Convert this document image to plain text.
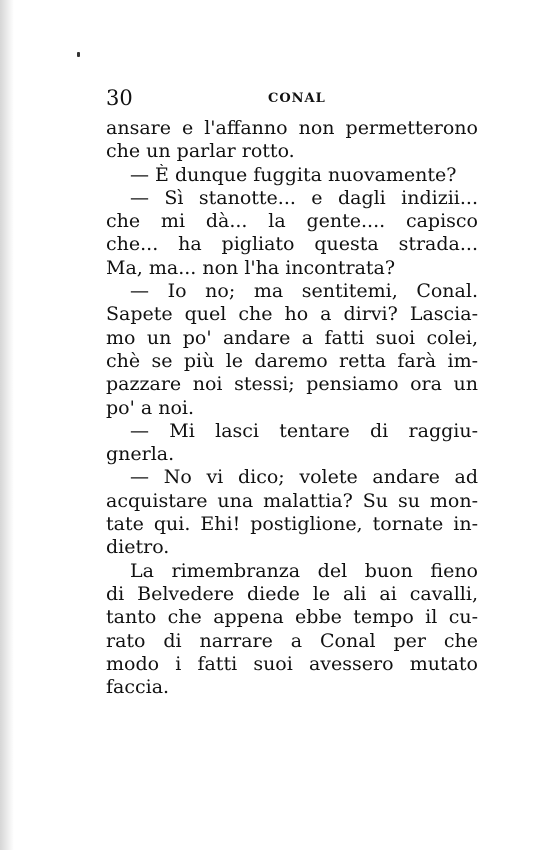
30	CONAL
ansare e l'affanno non permetterono
che un parlar rotto.
— È dunque fuggita nuovamente?
— Sì stanotte... e dagli indizii...
che mi dà... la gente.... capisco
che... ha pigliato questa strada...
Ma, ma... non l'ha incontrata?
— Io no; ma sentitemi, Conal.
Sapete quel che ho a dirvi? Lascia-
mo un po' andare a fatti suoi colei,
chè se più le daremo retta farà im-
pazzare noi stessi; pensiamo ora un
po' a noi.
— Mi lasci tentare di raggiu-
gnerla.
— No vi dico; volete andare ad
acquistare una malattia? Su su mon-
tate qui. Ehi! postiglione, tornate in-
dietro.
La rimembranza del buon fieno
di Belvedere diede le ali ai cavalli,
tanto che appena ebbe tempo il cu-
rato di narrare a Conal per che
modo i fatti suoi avessero mutato
faccia.
